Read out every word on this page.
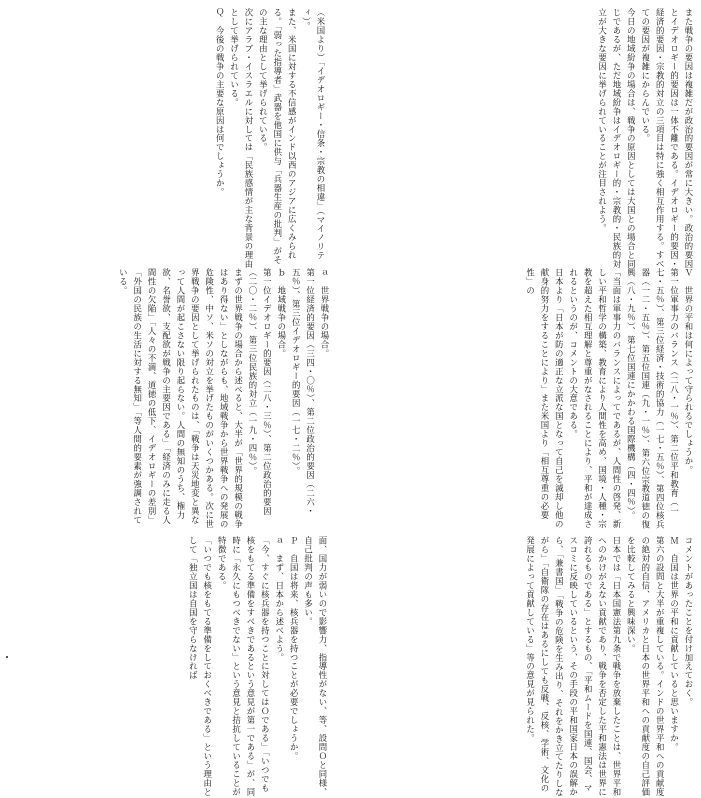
また戦争の要因は複雑だが政治的要因が常に大きい。政治的要因とイデオロギー的要因は一体不離である。イデオロギー的要因・経済的要因・宗教的対立の三項目は特に強く相互作用する。すべての要因が複雑にからんでいる。

今日の地域紛争の場合は、戦争の原因としては大国との場合と同じであるが、ただ地域紛争はイデオロギー的・宗教的・民族的対立が大きな要因に挙げられていることが注目されよう。

（米国より）「イデオロギー・信条・宗教の相違」（マイノリティ）。

また、米国に対する不信感がインド以西のアジアに広くみられる。「弱った指導者」武器を他国に供与「兵器生産の批判」がその主な理由として挙げられている。

次にアラブ・イスラエルに対しては「民族感情が主な背景の理由として挙げられている。

Ｑ　今後の戦争の主要な原因は何でしょうか。

Ｖ　世界の平和は何によって守られるでしょうか。

第一位軍事力のバランス（二八・一％）、第二位平和教育（一七・五％）、第三位経済・技術的協力（一七・五％）、第四位核兵器（一二・五％）、第五位国連（九・一％）、第六位宗教道徳の復興（八・九％）、第七位国連にかかわる国際機構（四・四％）。

「当面は軍事力のバランスによってであるが、人間性の啓発、新しい平和哲学の構築、教育により人間性を高め、国境・人種・宗教を超えた相互理解と尊重がなされることにより、平和が達成されるというのが、コメントの大意である。

日本より「日本が防の適正な立派な国となって自己を滅却し他の献身的努力をすることにより」また米国より「相互尊重の必要性」の

ａ　世界戦争の場合。

第一位経済的要因（三四・〇％）、第二位政治的要因（二六・五％）、第三位イデオロギー的要因（一七・二％）。

ｂ　地域戦争の場合。

第一位イデオロギー的要因（二八・三％）、第二位政治的要因（二〇・二％）、第三位民族的対立（一九・四％）。

まずの世界戦争の場合から述べると、大半が「世界的規模の戦争はあり得ない」としながらも、地域戦争から世界戦争への発展の危険性、中ソ、米ソの対立を挙げたものがいくつかある。次に世界戦争の要因として挙げられたものは、「戦争は天災地変と異なって人間が起こさない限り起らない。人間の無知のうち、権力欲、名誉欲、支配欲が戦争の主要因である」「経済のみに走る人間性の欠陥」「人々の不満、道徳の低下、イデオロギーの差別」「外国の民族の生活に対する無知」「等人間的要素が強調されている。

コメントがあったことを付け加えておく。

Ｍ　自国は世界の平和に貢献していると思いますか。

第六の設問と大半が重複している。インドの世界平和への貢献度の絶対的自信、アメリカと日本の世界平和への貢献度の自己評価を比較してみると興味深い。

日本では「日本国憲法第九条で戦争を放棄したことは、世界平和へのかけがえない貢献であり、戦争を否定した平和憲法は世界に誇れるものである」とするもの、「平和ムードを国連、国会、マスコミに反映しているという、その手段の平和国家日本の誤解から、「兼書国」「戦争の危険を生み出り、それをかき立てたりしながら」「自衛隊の存在はあるにしても反戦、反核、学術、文化の発展によって貢献している」等の意見が見られた。

面、国力が弱いので影響力、指導性がない、等、設問Ｏと同様、自己批判の声も多い。

Ｐ　自国は将来、核兵器を持つことが必要でしょうか。

ａ　まず、日本から述べよう。

「今、すぐに核兵器を持つことに対してはＯである」「いつでも核をもてる準備をすべきであるという意見が第一である」が、同時に「永久にもつべきでない」という意見と拮抗していることが特徴である。

「いつでも核をもてる準備をしておくべきである」という理由として「独立国は自国を守らなければ
